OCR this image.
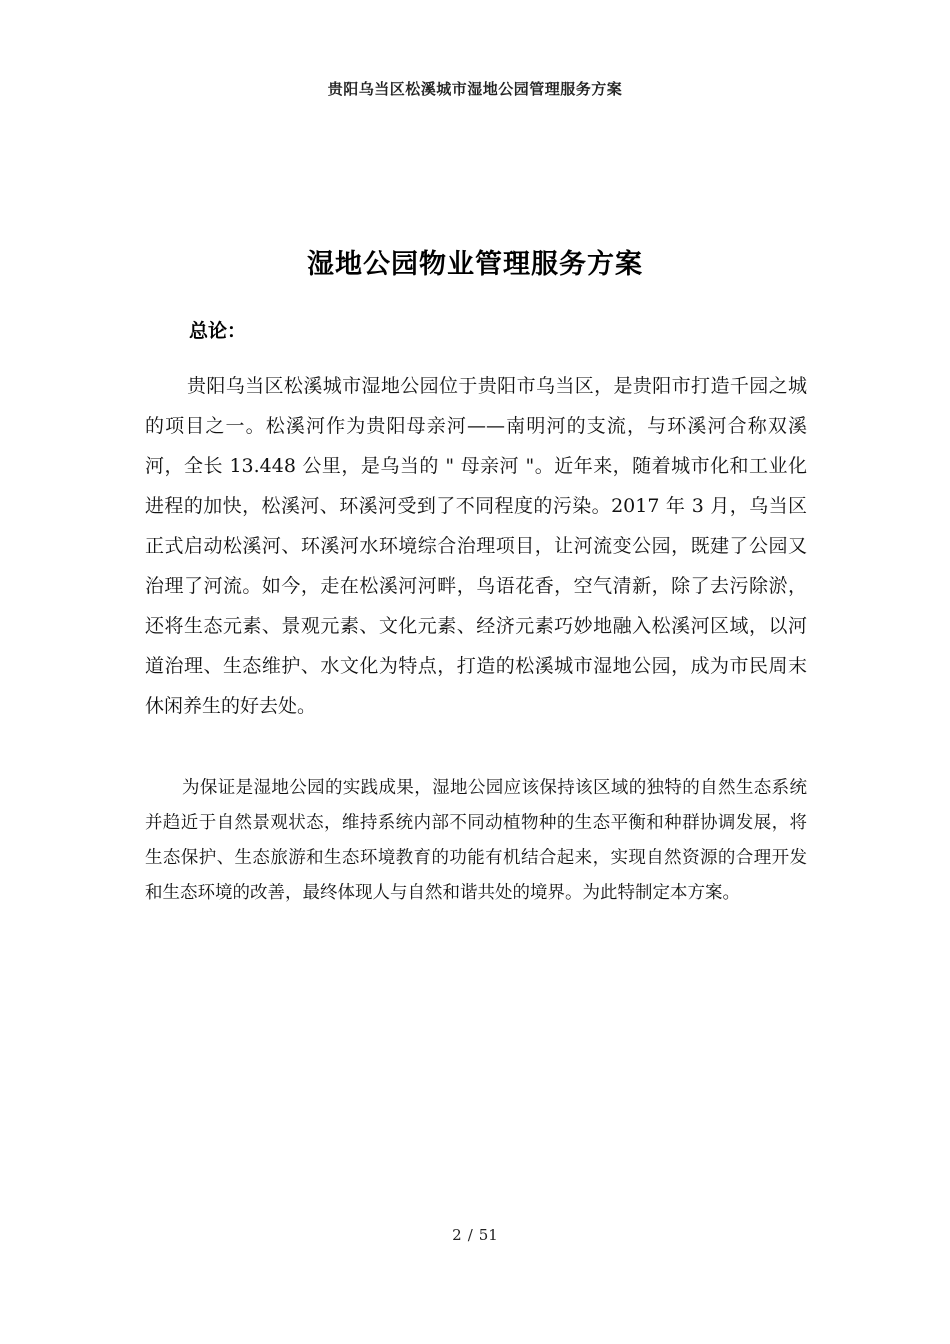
贵阳乌当区松溪城市湿地公园管理服务方案
湿地公园物业管理服务方案
总论：

贵阳乌当区松溪城市湿地公园位于贵阳市乌当区，是贵阳市打造千园之城的项目之一。松溪河作为贵阳母亲河——南明河的支流，与环溪河合称双溪河，全长 13.448 公里，是乌当的 " 母亲河 "。近年来，随着城市化和工业化进程的加快，松溪河、环溪河受到了不同程度的污染。2017 年 3 月，乌当区正式启动松溪河、环溪河水环境综合治理项目，让河流变公园，既建了公园又治理了河流。如今，走在松溪河河畔，鸟语花香，空气清新，除了去污除淤，还将生态元素、景观元素、文化元素、经济元素巧妙地融入松溪河区域，以河道治理、生态维护、水文化为特点，打造的松溪城市湿地公园，成为市民周末休闲养生的好去处。

为保证是湿地公园的实践成果，湿地公园应该保持该区域的独特的自然生态系统并趋近于自然景观状态，维持系统内部不同动植物种的生态平衡和种群协调发展，将生态保护、生态旅游和生态环境教育的功能有机结合起来，实现自然资源的合理开发和生态环境的改善，最终体现人与自然和谐共处的境界。为此特制定本方案。

2 / 51
